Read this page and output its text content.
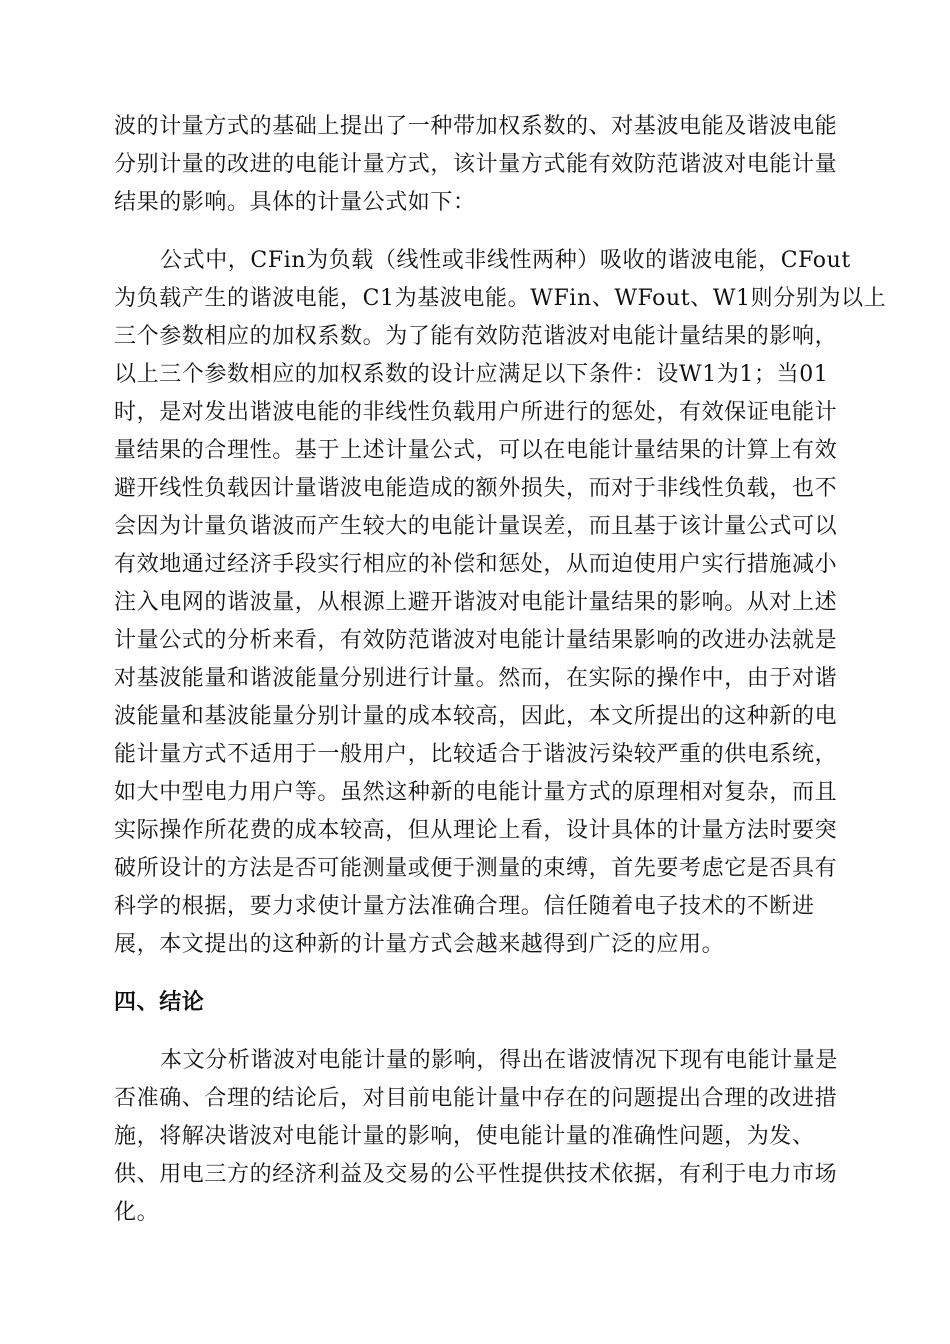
波的计量方式的基础上提出了一种带加权系数的、对基波电能及谐波电能
分别计量的改进的电能计量方式，该计量方式能有效防范谐波对电能计量
结果的影响。具体的计量公式如下：
公式中，CFin为负载（线性或非线性两种）吸收的谐波电能，CFout
为负载产生的谐波电能，C1为基波电能。WFin、WFout、W1则分别为以上
三个参数相应的加权系数。为了能有效防范谐波对电能计量结果的影响，
以上三个参数相应的加权系数的设计应满足以下条件：设W1为1；当01
时，是对发出谐波电能的非线性负载用户所进行的惩处，有效保证电能计
量结果的合理性。基于上述计量公式，可以在电能计量结果的计算上有效
避开线性负载因计量谐波电能造成的额外损失，而对于非线性负载，也不
会因为计量负谐波而产生较大的电能计量误差，而且基于该计量公式可以
有效地通过经济手段实行相应的补偿和惩处，从而迫使用户实行措施减小
注入电网的谐波量，从根源上避开谐波对电能计量结果的影响。从对上述
计量公式的分析来看，有效防范谐波对电能计量结果影响的改进办法就是
对基波能量和谐波能量分别进行计量。然而，在实际的操作中，由于对谐
波能量和基波能量分别计量的成本较高，因此，本文所提出的这种新的电
能计量方式不适用于一般用户，比较适合于谐波污染较严重的供电系统，
如大中型电力用户等。虽然这种新的电能计量方式的原理相对复杂，而且
实际操作所花费的成本较高，但从理论上看，设计具体的计量方法时要突
破所设计的方法是否可能测量或便于测量的束缚，首先要考虑它是否具有
科学的根据，要力求使计量方法准确合理。信任随着电子技术的不断进
展，本文提出的这种新的计量方式会越来越得到广泛的应用。
四、结论
本文分析谐波对电能计量的影响，得出在谐波情况下现有电能计量是
否准确、合理的结论后，对目前电能计量中存在的问题提出合理的改进措
施，将解决谐波对电能计量的影响，使电能计量的准确性问题，为发、
供、用电三方的经济利益及交易的公平性提供技术依据，有利于电力市场
化。
